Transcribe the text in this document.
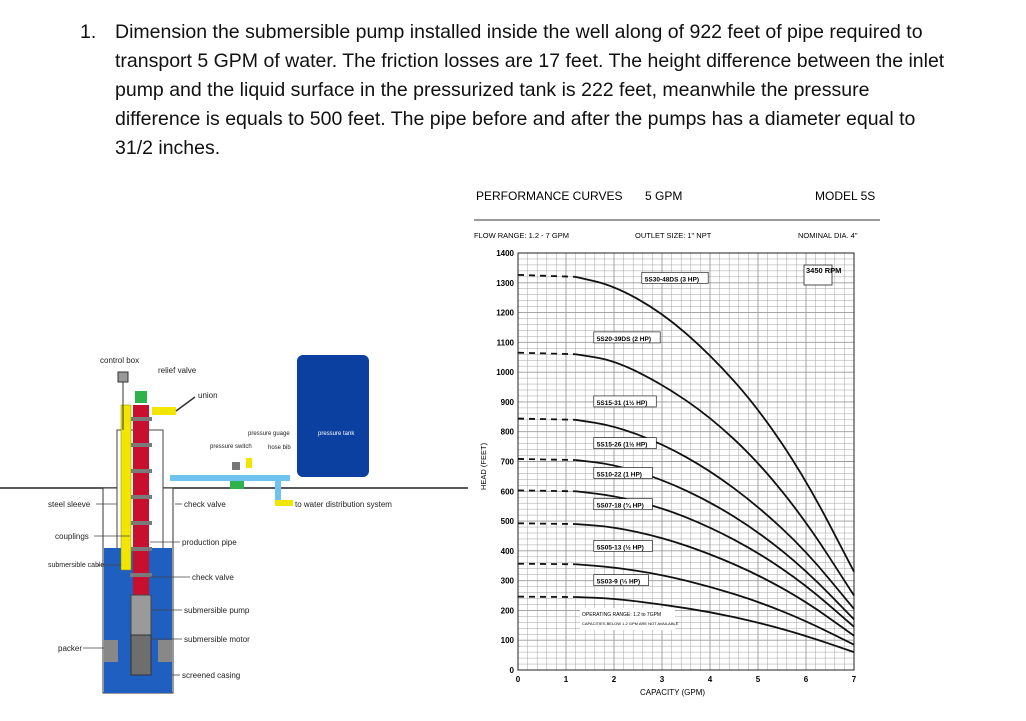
1. Dimension the submersible pump installed inside the well along of 922 feet of pipe required to transport 5 GPM of water. The friction losses are 17 feet. The height difference between the inlet pump and the liquid surface in the pressurized tank is 222 feet, meanwhile the pressure difference is equals to 500 feet. The pipe before and after the pumps has a diameter equal to 31/2 inches.
control box
relief valve
union
pressure guage
pressure switch	hose bib
pressure tank
steel sleeve	check valve	to water distribution system
couplings
production pipe
submersible cable
check valve
submersible pump
submersible motor
packer
screened casing
PERFORMANCE CURVES 5 GPM	MODEL 5S
FLOW RANGE: 1.2 - 7 GPM	OUTLET SIZE: 1" NPT	NOMINAL DIA. 4"
0
100
200
300
400
500
600
700
800
900
1000
1100
1200
1300
1400
0	1	2	3	4	5	6	7
5S30-48DS (3 HP)
5S20-39DS (2 HP)
5S15-31 (1½ HP)
5S15-26 (1½ HP)
5S10-22 (1 HP)
5S07-18 (¾ HP)
5S05-13 (½ HP)
5S03-9 (⅓ HP)
3450 RPM
OPERATING RANGE: 1.2 to 7GPM
CAPACITIES BELOW 1.2 GPM ARE NOT AVAILABLE
CAPACITY (GPM)
HEAD (FEET)
